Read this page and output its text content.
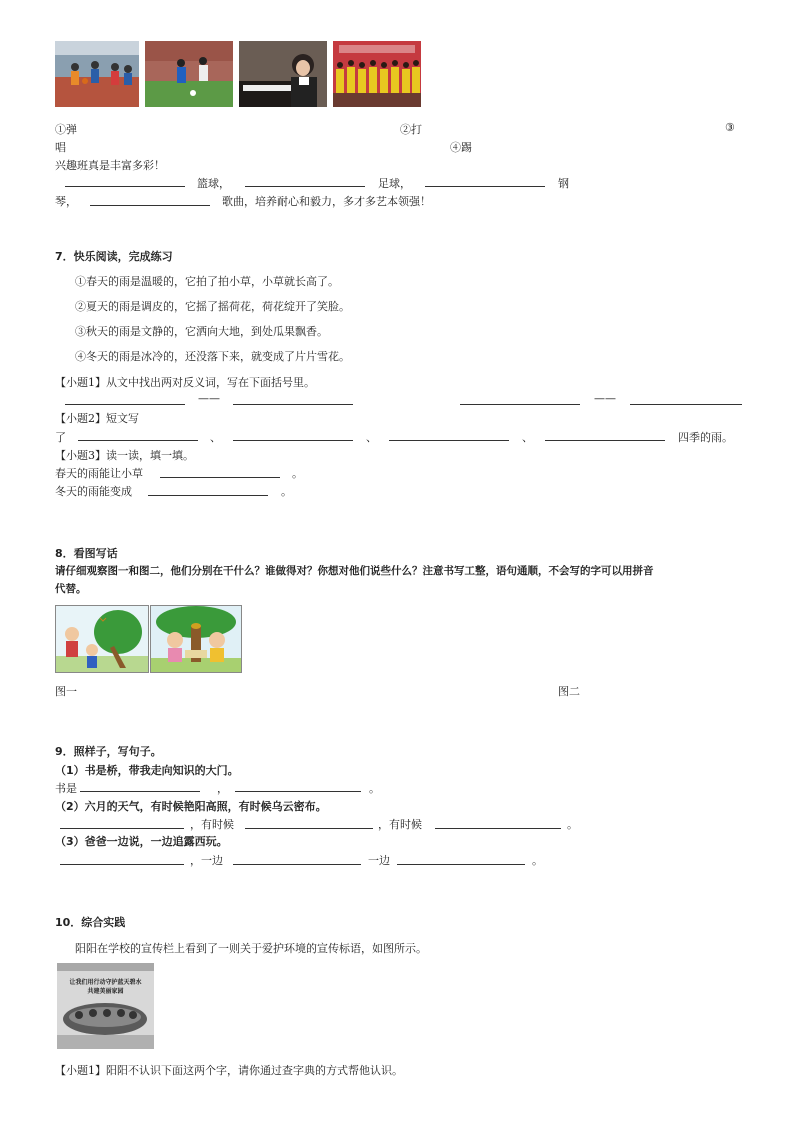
①弹	②打	③
唱	④踢
兴趣班真是丰富多彩！
篮球，	足球，	钢
琴，	歌曲，培养耐心和毅力，多才多艺本领强！
7．快乐阅读，完成练习
①春天的雨是温暖的，它拍了拍小草，小草就长高了。
②夏天的雨是调皮的，它摇了摇荷花，荷花绽开了笑脸。
③秋天的雨是文静的，它洒向大地，到处瓜果飘香。
④冬天的雨是冰冷的，还没落下来，就变成了片片雪花。
【小题1】从文中找出两对反义词，写在下面括号里。
——	——
【小题2】短文写
了	、	、	、	四季的雨。
【小题3】读一读，填一填。
春天的雨能让小草	。
冬天的雨能变成	。
8．看图写话
请仔细观察图一和图二，他们分别在干什么？谁做得对？你想对他们说些什么？注意书写工整，语句通顺，不会写的字可以用拼音
代替。
图一	图二
9．照样子，写句子。
（1）书是桥，带我走向知识的大门。
书是	，	。
（2）六月的天气，有时候艳阳高照，有时候乌云密布。
，有时候	，有时候	。
（3）爸爸一边说，一边追露西玩。
，一边	一边	。
10．综合实践
阳阳在学校的宣传栏上看到了一则关于爱护环境的宣传标语，如图所示。
让我们用行动守护蓝天碧水
共建美丽家园
【小题1】阳阳不认识下面这两个字，请你通过查字典的方式帮他认识。
